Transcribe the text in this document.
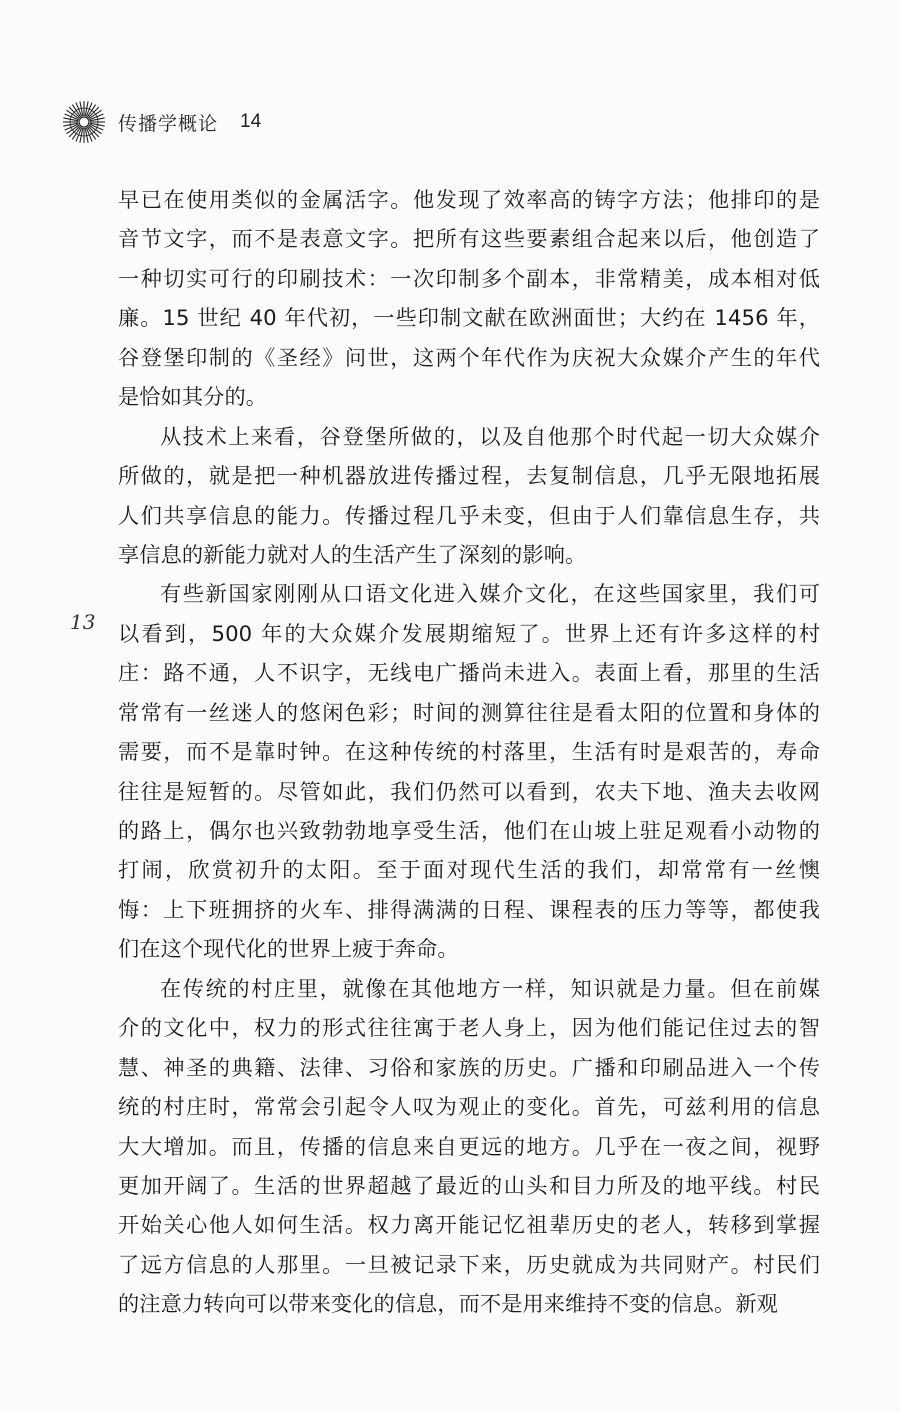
传播学概论 14
13
早已在使用类似的金属活字。他发现了效率高的铸字方法；他排印的是
音节文字，而不是表意文字。把所有这些要素组合起来以后，他创造了
一种切实可行的印刷技术：一次印制多个副本，非常精美，成本相对低
廉。15 世纪 40 年代初，一些印制文献在欧洲面世；大约在 1456 年，
谷登堡印制的《圣经》问世，这两个年代作为庆祝大众媒介产生的年代
是恰如其分的。
从技术上来看，谷登堡所做的，以及自他那个时代起一切大众媒介
所做的，就是把一种机器放进传播过程，去复制信息，几乎无限地拓展
人们共享信息的能力。传播过程几乎未变，但由于人们靠信息生存，共
享信息的新能力就对人的生活产生了深刻的影响。
有些新国家刚刚从口语文化进入媒介文化，在这些国家里，我们可
以看到，500 年的大众媒介发展期缩短了。世界上还有许多这样的村
庄：路不通，人不识字，无线电广播尚未进入。表面上看，那里的生活
常常有一丝迷人的悠闲色彩；时间的测算往往是看太阳的位置和身体的
需要，而不是靠时钟。在这种传统的村落里，生活有时是艰苦的，寿命
往往是短暂的。尽管如此，我们仍然可以看到，农夫下地、渔夫去收网
的路上，偶尔也兴致勃勃地享受生活，他们在山坡上驻足观看小动物的
打闹，欣赏初升的太阳。至于面对现代生活的我们，却常常有一丝懊
悔：上下班拥挤的火车、排得满满的日程、课程表的压力等等，都使我
们在这个现代化的世界上疲于奔命。
在传统的村庄里，就像在其他地方一样，知识就是力量。但在前媒
介的文化中，权力的形式往往寓于老人身上，因为他们能记住过去的智
慧、神圣的典籍、法律、习俗和家族的历史。广播和印刷品进入一个传
统的村庄时，常常会引起令人叹为观止的变化。首先，可兹利用的信息
大大增加。而且，传播的信息来自更远的地方。几乎在一夜之间，视野
更加开阔了。生活的世界超越了最近的山头和目力所及的地平线。村民
开始关心他人如何生活。权力离开能记忆祖辈历史的老人，转移到掌握
了远方信息的人那里。一旦被记录下来，历史就成为共同财产。村民们
的注意力转向可以带来变化的信息，而不是用来维持不变的信息。新观
